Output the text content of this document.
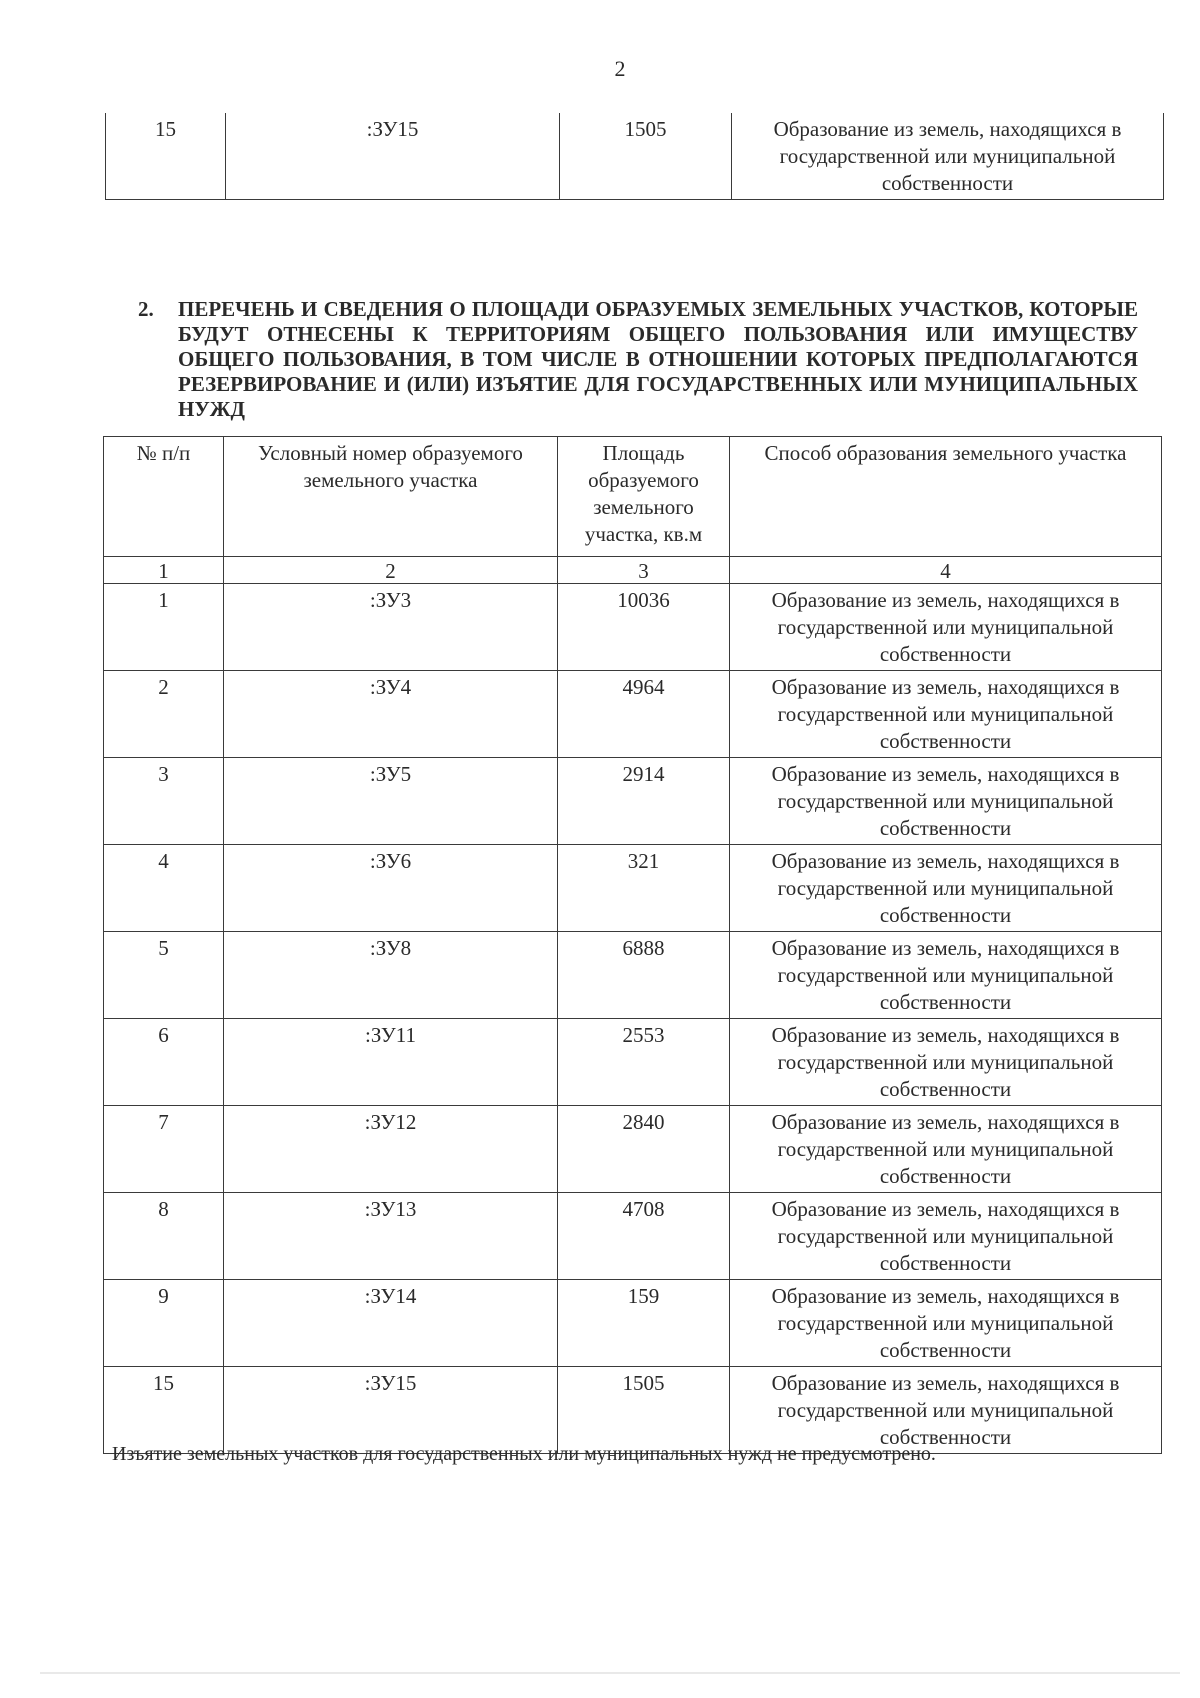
2
15	:ЗУ15	1505	Образование из земель, находящихся в государственной или муниципальной собственности
2. ПЕРЕЧЕНЬ И СВЕДЕНИЯ О ПЛОЩАДИ ОБРАЗУЕМЫХ ЗЕМЕЛЬНЫХ УЧАСТКОВ, КОТОРЫЕ БУДУТ ОТНЕСЕНЫ К ТЕРРИТОРИЯМ ОБЩЕГО ПОЛЬЗОВАНИЯ ИЛИ ИМУЩЕСТВУ ОБЩЕГО ПОЛЬЗОВАНИЯ, В ТОМ ЧИСЛЕ В ОТНОШЕНИИ КОТОРЫХ ПРЕДПОЛАГАЮТСЯ РЕЗЕРВИРОВАНИЕ И (ИЛИ) ИЗЪЯТИЕ ДЛЯ ГОСУДАРСТВЕННЫХ ИЛИ МУНИЦИПАЛЬНЫХ НУЖД
№ п/п	Условный номер образуемого земельного участка	Площадь образуемого земельного участка, кв.м	Способ образования земельного участка
1	2	3	4
1	:ЗУ3	10036	Образование из земель, находящихся в государственной или муниципальной собственности
2	:ЗУ4	4964	Образование из земель, находящихся в государственной или муниципальной собственности
3	:ЗУ5	2914	Образование из земель, находящихся в государственной или муниципальной собственности
4	:ЗУ6	321	Образование из земель, находящихся в государственной или муниципальной собственности
5	:ЗУ8	6888	Образование из земель, находящихся в государственной или муниципальной собственности
6	:ЗУ11	2553	Образование из земель, находящихся в государственной или муниципальной собственности
7	:ЗУ12	2840	Образование из земель, находящихся в государственной или муниципальной собственности
8	:ЗУ13	4708	Образование из земель, находящихся в государственной или муниципальной собственности
9	:ЗУ14	159	Образование из земель, находящихся в государственной или муниципальной собственности
15	:ЗУ15	1505	Образование из земель, находящихся в государственной или муниципальной собственности
Изъятие земельных участков для государственных или муниципальных нужд не предусмотрено.
